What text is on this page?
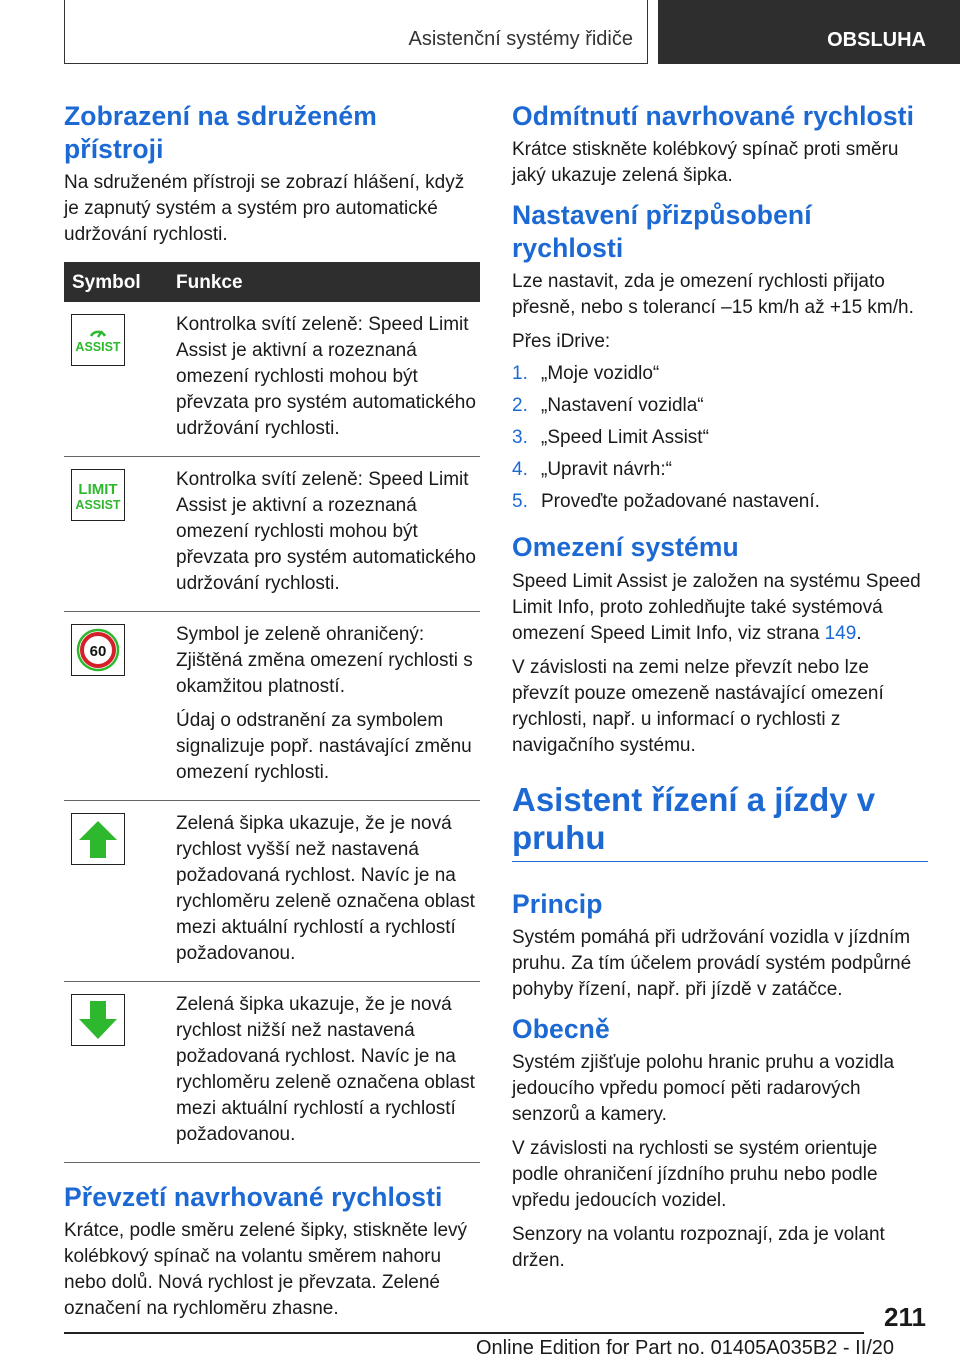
Asistenční systémy řidiče	OBSLUHA
Zobrazení na sdruženém přístroji

Na sdruženém přístroji se zobrazí hlášení, když je zapnutý systém a systém pro automatické udržování rychlosti.

Symbol Funkce
ASSIST

Kontrolka svítí zeleně: Speed Limit Assist je aktivní a rozeznaná omezení rychlosti mohou být převzata pro systém automatického udržování rychlosti.

LIMIT
ASSIST

Kontrolka svítí zeleně: Speed Limit Assist je aktivní a rozeznaná omezení rychlosti mohou být převzata pro systém automatického udržování rychlosti.

60

Symbol je zeleně ohraničený: Zjištěná změna omezení rychlosti s okamžitou platností.

Údaj o odstranění za symbolem signalizuje popř. nastávající změnu omezení rychlosti.

Zelená šipka ukazuje, že je nová rychlost vyšší než nastavená požadovaná rychlost. Navíc je na rychloměru zeleně označena oblast mezi aktuální rychlostí a rychlostí požadovanou.

Zelená šipka ukazuje, že je nová rychlost nižší než nastavená požadovaná rychlost. Navíc je na rychloměru zeleně označena oblast mezi aktuální rychlostí a rychlostí požadovanou.

Převzetí navrhované rychlosti

Krátce, podle směru zelené šipky, stiskněte levý kolébkový spínač na volantu směrem nahoru nebo dolů. Nová rychlost je převzata. Zelené označení na rychloměru zhasne.

Odmítnutí navrhované rychlosti

Krátce stiskněte kolébkový spínač proti směru jaký ukazuje zelená šipka.

Nastavení přizpůsobení rychlosti

Lze nastavit, zda je omezení rychlosti přijato přesně, nebo s tolerancí –15 km/h až +15 km/h.

Přes iDrive:

1. „Moje vozidlo“
2. „Nastavení vozidla“
3. „Speed Limit Assist“
4. „Upravit návrh:“
5. Proveďte požadované nastavení.
Omezení systému

Speed Limit Assist je založen na systému Speed Limit Info, proto zohledňujte také systémová omezení Speed Limit Info, viz strana 149.

V závislosti na zemi nelze převzít nebo lze převzít pouze omezeně nastávající omezení rychlosti, např. u informací o rychlosti z navigačního systému.

Asistent řízení a jízdy v pruhu
Princip

Systém pomáhá při udržování vozidla v jízdním pruhu. Za tím účelem provádí systém podpůrné pohyby řízení, např. při jízdě v zatáčce.

Obecně

Systém zjišťuje polohu hranic pruhu a vozidla jedoucího vpředu pomocí pěti radarových senzorů a kamery.

V závislosti na rychlosti se systém orientuje podle ohraničení jízdního pruhu nebo podle vpředu jedoucích vozidel.

Senzory na volantu rozpoznají, zda je volant držen.

211
Online Edition for Part no. 01405A035B2 - II/20
